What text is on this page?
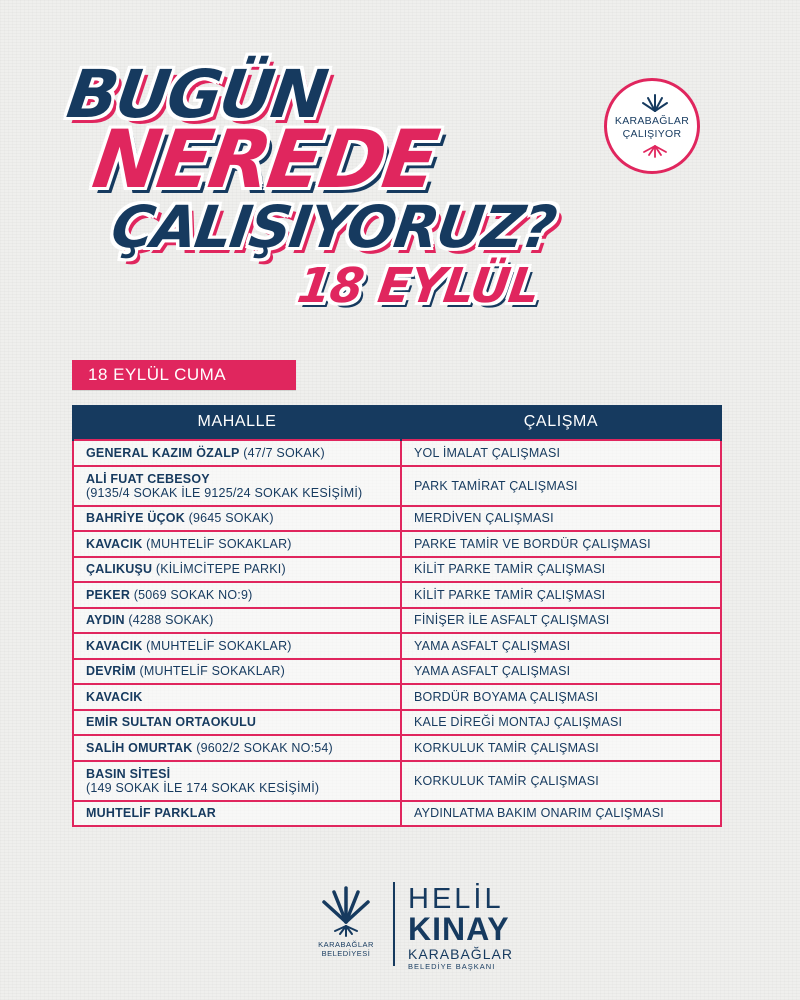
BUGÜN
NEREDE
ÇALIŞIYORUZ?
18 EYLÜL
KARABAĞLAR
ÇALIŞIYOR
18 EYLÜL CUMA
MAHALLE	ÇALIŞMA
GENERAL KAZIM ÖZALP (47/7 SOKAK)	YOL İMALAT ÇALIŞMASI
ALİ FUAT CEBESOY
(9135/4 SOKAK İLE 9125/24 SOKAK KESİŞİMİ)	PARK TAMİRAT ÇALIŞMASI
BAHRİYE ÜÇOK (9645 SOKAK)	MERDİVEN ÇALIŞMASI
KAVACIK (MUHTELİF SOKAKLAR)	PARKE TAMİR VE BORDÜR ÇALIŞMASI
ÇALIKUŞU (KİLİMCİTEPE PARKI)	KİLİT PARKE TAMİR ÇALIŞMASI
PEKER (5069 SOKAK NO:9)	KİLİT PARKE TAMİR ÇALIŞMASI
AYDIN (4288 SOKAK)	FİNİŞER İLE ASFALT ÇALIŞMASI
KAVACIK (MUHTELİF SOKAKLAR)	YAMA ASFALT ÇALIŞMASI
DEVRİM (MUHTELİF SOKAKLAR)	YAMA ASFALT ÇALIŞMASI
KAVACIK	BORDÜR BOYAMA ÇALIŞMASI
EMİR SULTAN ORTAOKULU	KALE DİREĞİ MONTAJ ÇALIŞMASI
SALİH OMURTAK (9602/2 SOKAK NO:54)	KORKULUK TAMİR ÇALIŞMASI
BASIN SİTESİ
(149 SOKAK İLE 174 SOKAK KESİŞİMİ)	KORKULUK TAMİR ÇALIŞMASI
MUHTELİF PARKLAR	AYDINLATMA BAKIM ONARIM ÇALIŞMASI
KARABAĞLAR BELEDİYESİ
HELİL
KINAY
KARABAĞLAR
BELEDİYE BAŞKANI
